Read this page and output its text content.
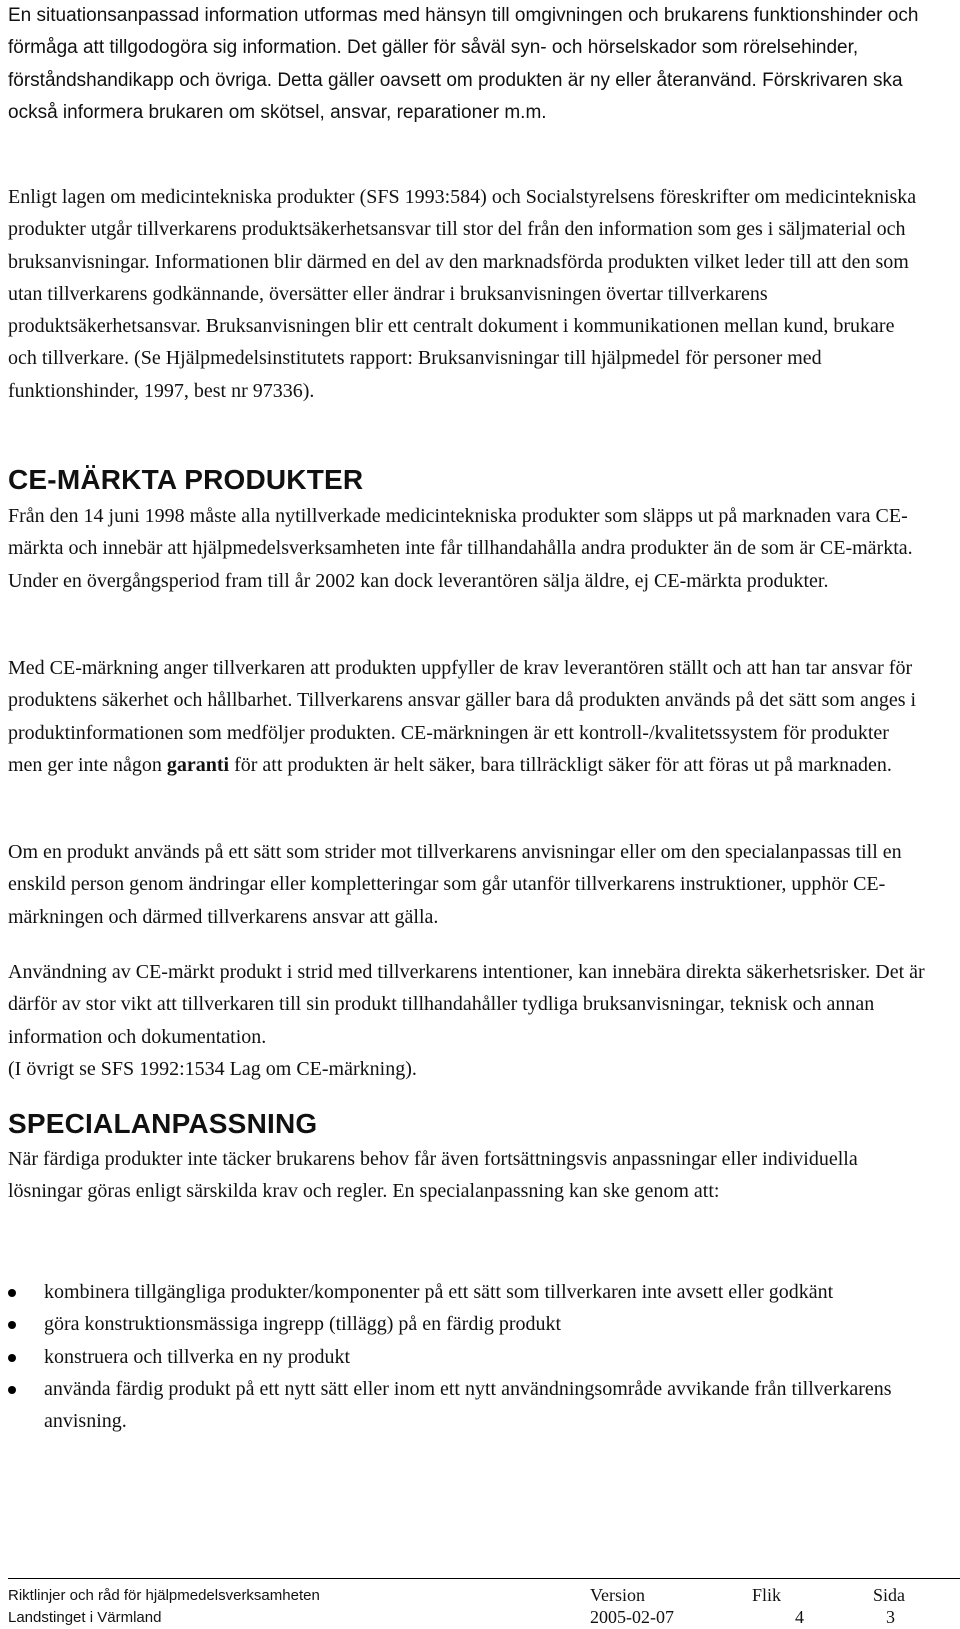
En situationsanpassad information utformas med hänsyn till omgivningen och brukarens funktionshinder och förmåga att tillgodogöra sig information. Det gäller för såväl syn- och hörselskador som rörelsehinder, förståndshandikapp och övriga. Detta gäller oavsett om produkten är ny eller återanvänd. Förskrivaren ska också informera brukaren om skötsel, ansvar, reparationer m.m.

Enligt lagen om medicintekniska produkter (SFS 1993:584) och Socialstyrelsens föreskrifter om medicintekniska produkter utgår tillverkarens produktsäkerhetsansvar till stor del från den information som ges i säljmaterial och bruksanvisningar. Informationen blir därmed en del av den marknadsförda produkten vilket leder till att den som utan tillverkarens godkännande, översätter eller ändrar i bruksanvisningen övertar tillverkarens produktsäkerhetsansvar. Bruksanvisningen blir ett centralt dokument i kommunikationen mellan kund, brukare och tillverkare. (Se Hjälpmedelsinstitutets rapport: Bruksanvisningar till hjälpmedel för personer med funktionshinder, 1997, best nr 97336).

CE-MÄRKTA PRODUKTER

Från den 14 juni 1998 måste alla nytillverkade medicintekniska produkter som släpps ut på marknaden vara CE-märkta och innebär att hjälpmedelsverksamheten inte får tillhandahålla andra produkter än de som är CE-märkta. Under en övergångsperiod fram till år 2002 kan dock leverantören sälja äldre, ej CE-märkta produkter.

Med CE-märkning anger tillverkaren att produkten uppfyller de krav leverantören ställt och att han tar ansvar för produktens säkerhet och hållbarhet. Tillverkarens ansvar gäller bara då produkten används på det sätt som anges i produktinformationen som medföljer produkten. CE-märkningen är ett kontroll-/kvalitetssystem för produkter men ger inte någon garanti för att produkten är helt säker, bara tillräckligt säker för att föras ut på marknaden.

Om en produkt används på ett sätt som strider mot tillverkarens anvisningar eller om den specialanpassas till en enskild person genom ändringar eller kompletteringar som går utanför tillverkarens instruktioner, upphör CE-märkningen och därmed tillverkarens ansvar att gälla.

Användning av CE-märkt produkt i strid med tillverkarens intentioner, kan innebära direkta säkerhetsrisker. Det är därför av stor vikt att tillverkaren till sin produkt tillhandahåller tydliga bruksanvisningar, teknisk och annan information och dokumentation.

(I övrigt se SFS 1992:1534 Lag om CE-märkning).

SPECIALANPASSNING

När färdiga produkter inte täcker brukarens behov får även fortsättningsvis anpassningar eller individuella lösningar göras enligt särskilda krav och regler. En specialanpassning kan ske genom att:

kombinera tillgängliga produkter/komponenter på ett sätt som tillverkaren inte avsett eller godkänt
göra konstruktionsmässiga ingrepp (tillägg) på en färdig produkt
konstruera och tillverka en ny produkt
använda färdig produkt på ett nytt sätt eller inom ett nytt användningsområde avvikande från tillverkarens anvisning.
Riktlinjer och råd för hjälpmedelsverksamheten
Landstinget i Värmland
Version
2005-02-07
Flik
4
Sida
3
